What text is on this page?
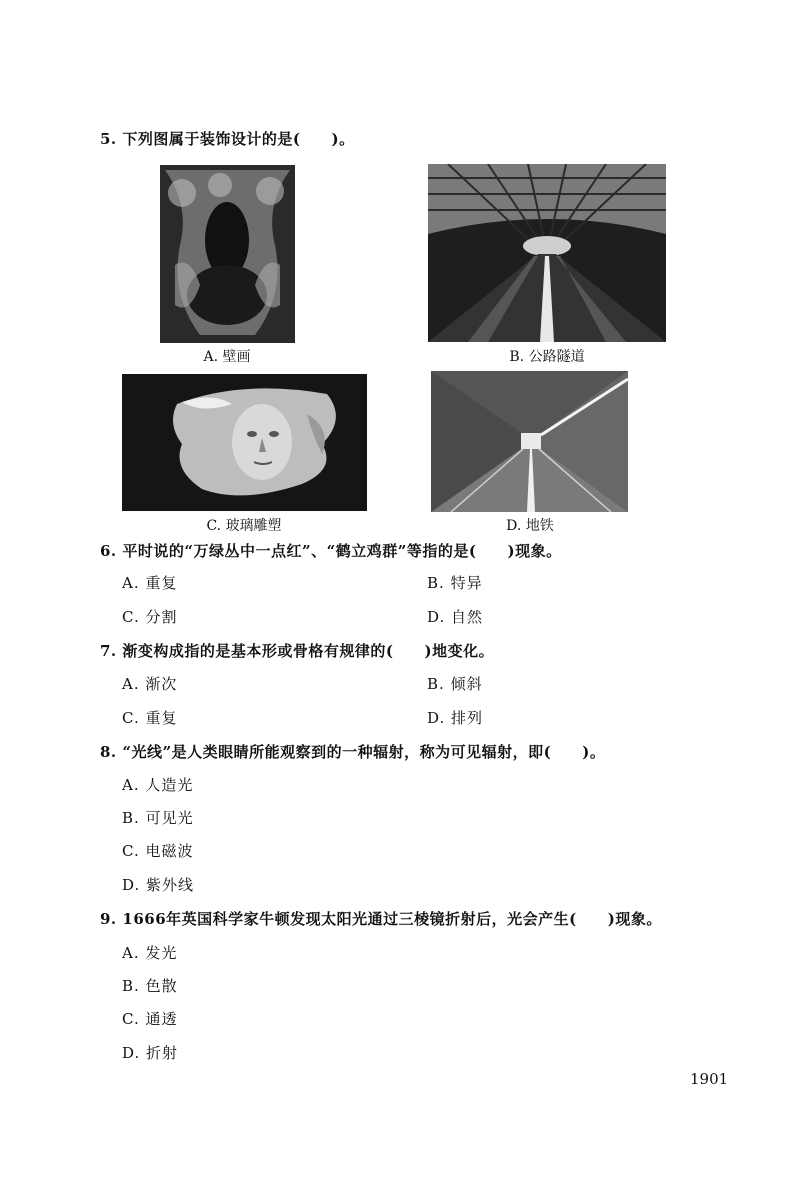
5. 下列图属于装饰设计的是(　　)。
A. 壁画	B. 公路隧道
C. 玻璃雕塑	D. 地铁
6. 平时说的“万绿丛中一点红”、“鹤立鸡群”等指的是(　　)现象。
A. 重复	B. 特异
C. 分割	D. 自然
7. 渐变构成指的是基本形或骨格有规律的(　　)地变化。
A. 渐次	B. 倾斜
C. 重复	D. 排列
8. “光线”是人类眼睛所能观察到的一种辐射，称为可见辐射，即(　　)。
A. 人造光
B. 可见光
C. 电磁波
D. 紫外线
9. 1666年英国科学家牛顿发现太阳光通过三棱镜折射后，光会产生(　　)现象。
A. 发光
B. 色散
C. 通透
D. 折射
1901
